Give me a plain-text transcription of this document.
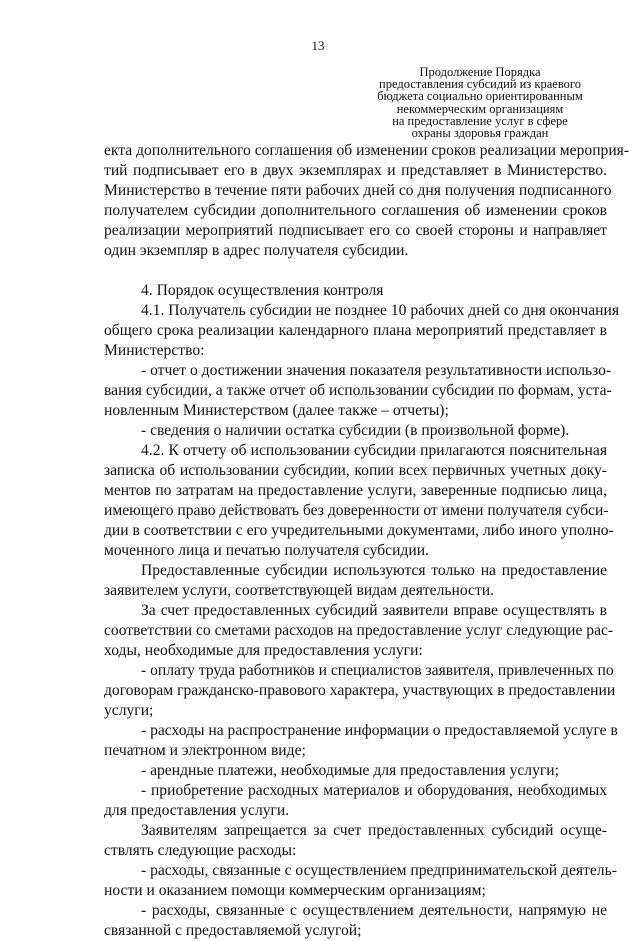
13
Продолжение Порядка
предоставления субсидий из краевого
бюджета социально ориентированным
некоммерческим организациям
на предоставление услуг в сфере
охраны здоровья граждан
екта дополнительного соглашения об изменении сроков реализации мероприя-
тий подписывает его в двух экземплярах и представляет в Министерство.
Министерство в течение пяти рабочих дней со дня получения подписанного
получателем субсидии дополнительного соглашения об изменении сроков
реализации мероприятий подписывает его со своей стороны и направляет
один экземпляр в адрес получателя субсидии.
4. Порядок осуществления контроля
4.1. Получатель субсидии не позднее 10 рабочих дней со дня окончания
общего срока реализации календарного плана мероприятий представляет в
Министерство:
- отчет о достижении значения показателя результативности использо-
вания субсидии, а также отчет об использовании субсидии по формам, уста-
новленным Министерством (далее также – отчеты);
- сведения о наличии остатка субсидии (в произвольной форме).
4.2. К отчету об использовании субсидии прилагаются пояснительная
записка об использовании субсидии, копии всех первичных учетных доку-
ментов по затратам на предоставление услуги, заверенные подписью лица,
имеющего право действовать без доверенности от имени получателя субси-
дии в соответствии с его учредительными документами, либо иного уполно-
моченного лица и печатью получателя субсидии.
Предоставленные субсидии используются только на предоставление
заявителем услуги, соответствующей видам деятельности.
За счет предоставленных субсидий заявители вправе осуществлять в
соответствии со сметами расходов на предоставление услуг следующие рас-
ходы, необходимые для предоставления услуги:
- оплату труда работников и специалистов заявителя, привлеченных по
договорам гражданско-правового характера, участвующих в предоставлении
услуги;
- расходы на распространение информации о предоставляемой услуге в
печатном и электронном виде;
- арендные платежи, необходимые для предоставления услуги;
- приобретение расходных материалов и оборудования, необходимых
для предоставления услуги.
Заявителям запрещается за счет предоставленных субсидий осуще-
ствлять следующие расходы:
- расходы, связанные с осуществлением предпринимательской деятель-
ности и оказанием помощи коммерческим организациям;
- расходы, связанные с осуществлением деятельности, напрямую не
связанной с предоставляемой услугой;
